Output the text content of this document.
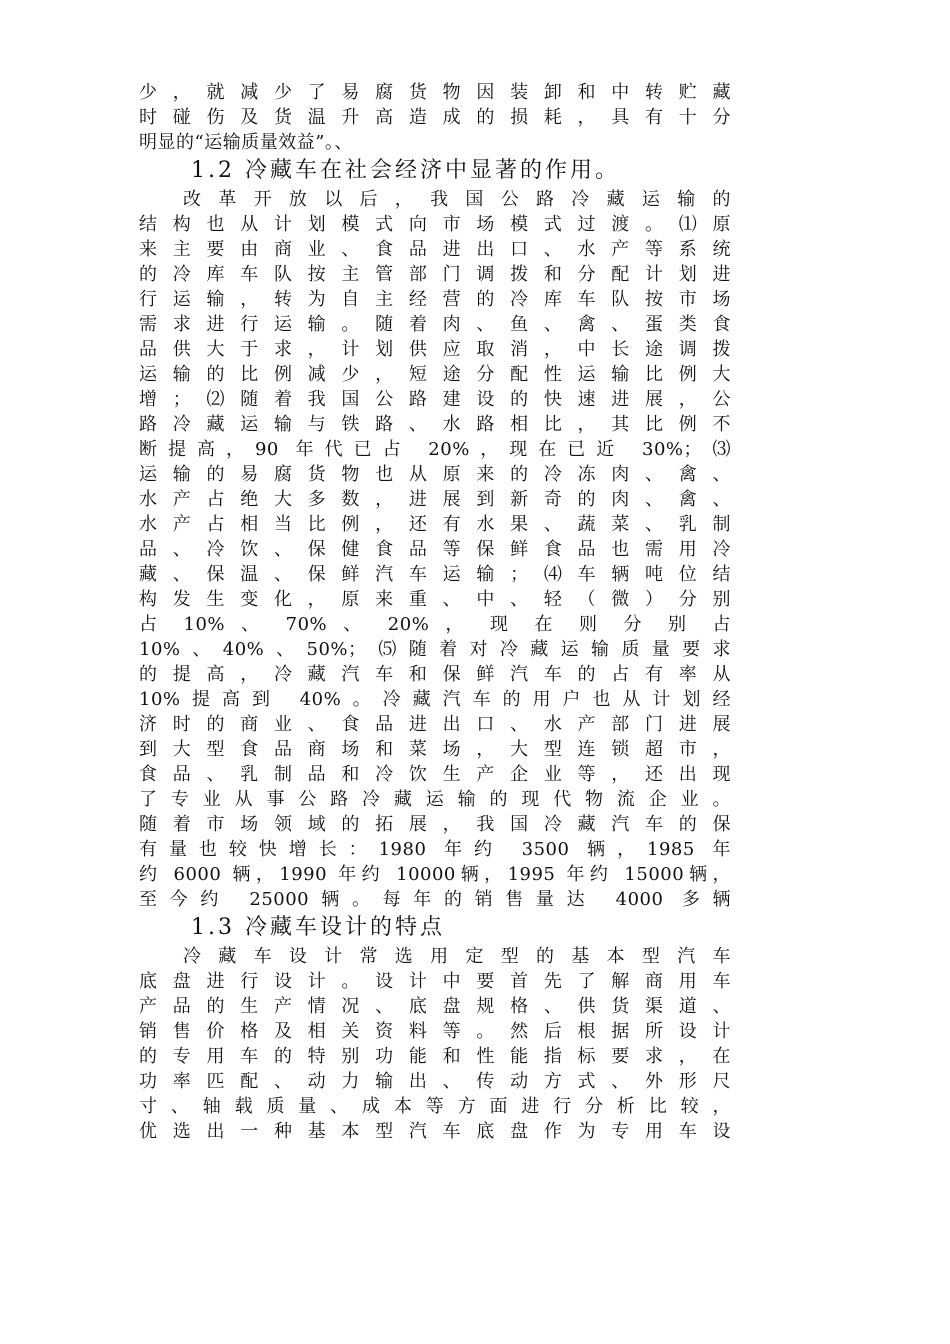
少，就减少了易腐货物因装卸和中转贮藏
时碰伤及货温升高造成的损耗，具有十分
明显的“运输质量效益”。、
1.2 冷藏车在社会经济中显著的作用。
改革开放以后，我国公路冷藏运输的
结构也从计划模式向市场模式过渡。⑴原
来主要由商业、食品进出口、水产等系统
的冷库车队按主管部门调拨和分配计划进
行运输，转为自主经营的冷库车队按市场
需求进行运输。随着肉、鱼、禽、蛋类食
品供大于求，计划供应取消，中长途调拨
运输的比例减少，短途分配性运输比例大
增；⑵随着我国公路建设的快速进展，公
路冷藏运输与铁路、水路相比，其比例不
断提高，90 年代已占 20%，现在已近 30%；⑶
运输的易腐货物也从原来的冷冻肉、禽、
水产占绝大多数，进展到新奇的肉、禽、
水产占相当比例，还有水果、蔬菜、乳制
品、冷饮、保健食品等保鲜食品也需用冷
藏、保温、保鲜汽车运输；⑷车辆吨位结
构发生变化，原来重、中、轻（微）分别
占 10% 、 70% 、 20% ， 现 在 则 分 别 占
10%、40%、50%；⑸随着对冷藏运输质量要求
的提高，冷藏汽车和保鲜汽车的占有率从
10%提高到 40%。冷藏汽车的用户也从计划经
济时的商业、食品进出口、水产部门进展
到大型食品商场和菜场，大型连锁超市，
食品、乳制品和冷饮生产企业等，还出现
了专业从事公路冷藏运输的现代物流企业。
随着市场领域的拓展，我国冷藏汽车的保
有量也较快增长：1980 年约 3500 辆，1985 年
约 6000 辆，1990 年约 10000辆，1995 年约 15000辆，
至今约 25000辆。每年的销售量达 4000 多辆
1.3 冷藏车设计的特点
冷藏车设计常选用定型的基本型汽车
底盘进行设计。设计中要首先了解商用车
产品的生产情况、底盘规格、供货渠道、
销售价格及相关资料等。然后根据所设计
的专用车的特别功能和性能指标要求，在
功率匹配、动力输出、传动方式、外形尺
寸、轴载质量、成本等方面进行分析比较，
优选出一种基本型汽车底盘作为专用车设
